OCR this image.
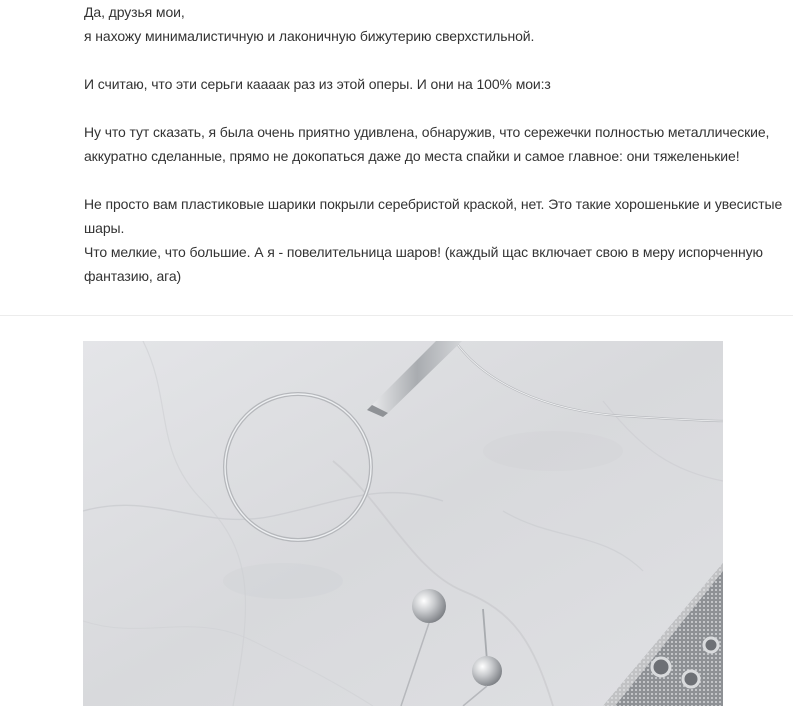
Да, друзья мои,

я нахожу минималистичную и лаконичную бижутерию сверхстильной.

И считаю, что эти серьги кааaак раз из этой оперы. И они на 100% мои:з

Ну что тут сказать, я была очень приятно удивлена, обнаружив, что сережечки полностью металлические,

аккуратно сделанные, прямо не докопаться даже до места спайки и самое главное: они тяжеленькие!

Не просто вам пластиковые шарики покрыли серебристой краской, нет. Это такие хорошенькие и увесистые

шары.

Что мелкие, что большие. А я - повелительница шаров! (каждый щас включает свою в меру испорченную

фантазию, ага)
